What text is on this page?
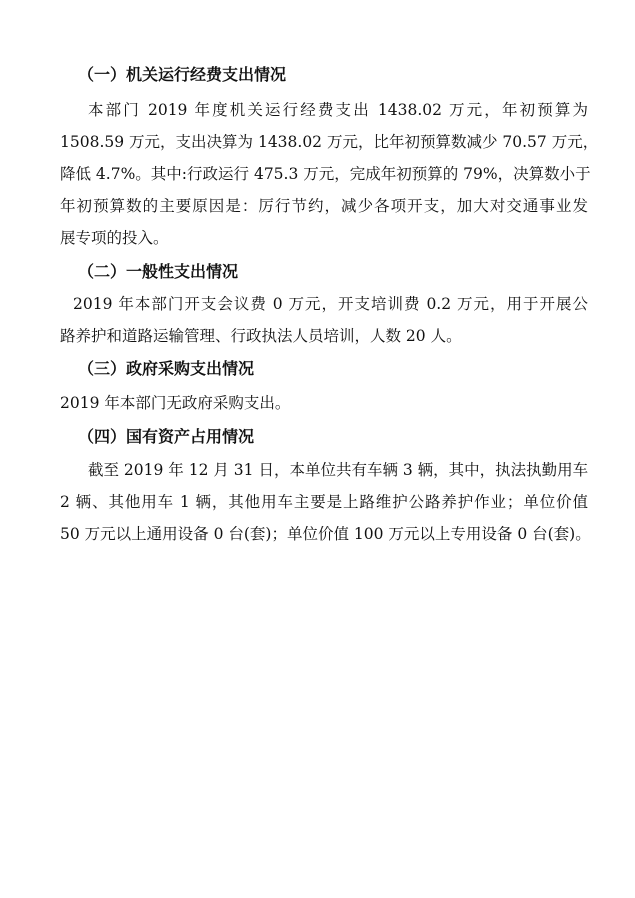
（一）机关运行经费支出情况
本部门 2019 年度机关运行经费支出 1438.02 万元，年初预算为
1508.59 万元，支出决算为 1438.02 万元，比年初预算数减少 70.57 万元，
降低 4.7%。其中:行政运行 475.3 万元，完成年初预算的 79%，决算数小于
年初预算数的主要原因是：厉行节约，减少各项开支，加大对交通事业发
展专项的投入。
（二）一般性支出情况
2019 年本部门开支会议费 0 万元，开支培训费 0.2 万元，用于开展公
路养护和道路运输管理、行政执法人员培训，人数 20 人。
（三）政府采购支出情况
2019 年本部门无政府采购支出。
（四）国有资产占用情况
截至 2019 年 12 月 31 日，本单位共有车辆 3 辆，其中，执法执勤用车
2 辆、其他用车 1 辆，其他用车主要是上路维护公路养护作业；单位价值
50 万元以上通用设备 0 台(套)；单位价值 100 万元以上专用设备 0 台(套)。
